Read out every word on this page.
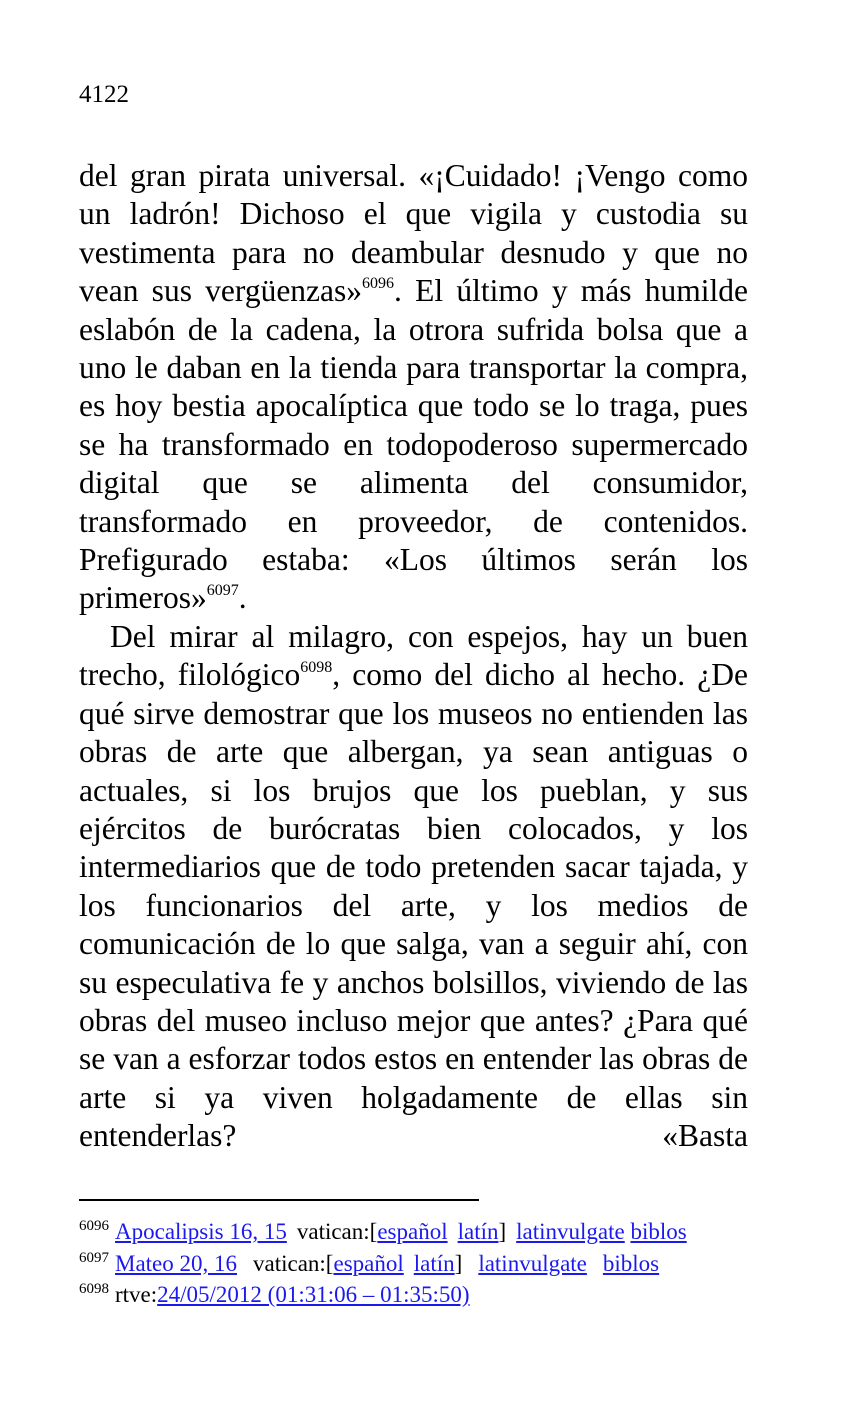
4122

del gran pirata universal. «¡Cuidado! ¡Vengo como un ladrón! Dichoso el que vigila y custodia su vestimenta para no deambular desnudo y que no vean sus vergüenzas»$^{6096}$. El último y más humilde eslabón de la cadena, la otrora sufrida bolsa que a uno le daban en la tienda para transportar la compra, es hoy bestia apocalíptica que todo se lo traga, pues se ha transformado en todopoderoso supermercado digital que se alimenta del consumidor, transformado en proveedor, de contenidos. Prefigurado estaba: «Los últimos serán los primeros»$^{6097}$.

Del mirar al milagro, con espejos, hay un buen trecho, filológico$^{6098}$, como del dicho al hecho. ¿De qué sirve demostrar que los museos no entienden las obras de arte que albergan, ya sean antiguas o actuales, si los brujos que los pueblan, y sus ejércitos de burócratas bien colocados, y los intermediarios que de todo pretenden sacar tajada, y los funcionarios del arte, y los medios de comunicación de lo que salga, van a seguir ahí, con su especulativa fe y anchos bolsillos, viviendo de las obras del museo incluso mejor que antes? ¿Para qué se van a esforzar todos estos en entender las obras de arte si ya viven holgadamente de ellas sin entenderlas? «Basta

$^{6096}$ Apocalipsis 16, 15 vatican:[español latín] latinvulgate biblos
$^{6097}$ Mateo 20, 16 vatican:[español latín] latinvulgate biblos
$^{6098}$ rtve:24/05/2012 (01:31:06 – 01:35:50)
